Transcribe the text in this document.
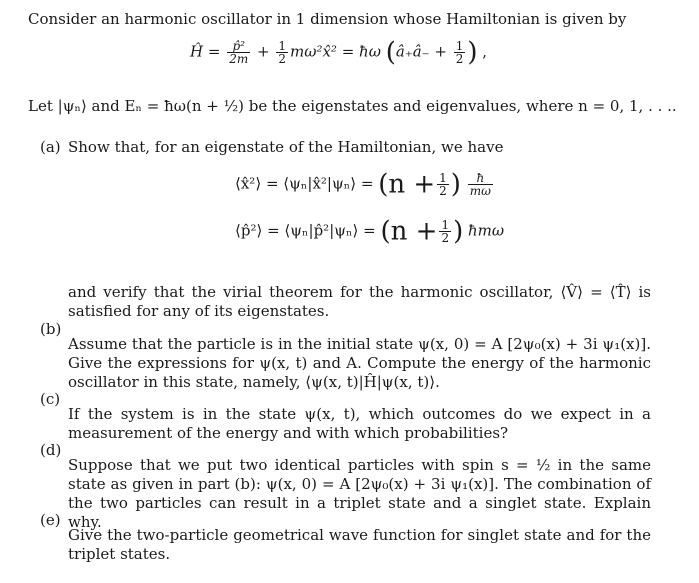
Consider an harmonic oscillator in 1 dimension whose Hamiltonian is given by

Ĥ = $\frac{\text{p̂²}}{2m} + \frac{1}{2}$ mω²x̂² = ħω (â₊â₋ + $\frac{1}{2}$ ) ,

Let |ψₙ⟩ and Eₙ = ħω(n + ½) be the eigenstates and eigenvalues, where n = 0, 1, . . ..

(a) Show that, for an eigenstate of the Hamiltonian, we have

⟨x̂²⟩ = ⟨ψₙ|x̂²|ψₙ⟩ = ($n + \frac{1}{2}$ ) $\frac{ħ}{m\omega}$
⟨p̂²⟩ = ⟨ψₙ|p̂²|ψₙ⟩ = ($n + \frac{1}{2}$ ) ħmω

and verify that the virial theorem for the harmonic oscillator, ⟨V̂⟩ = ⟨T̂⟩ is satisfied for any of its eigenstates.

(b)

Assume that the particle is in the initial state ψ(x, 0) = A [2ψ₀(x) + 3i ψ₁(x)]. Give the expressions for ψ(x, t) and A. Compute the energy of the harmonic oscillator in this state, namely, ⟨ψ(x, t)|Ĥ|ψ(x, t)⟩.

(c)

If the system is in the state ψ(x, t), which outcomes do we expect in a measurement of the energy and with which probabilities?

(d)

Suppose that we put two identical particles with spin s = ½ in the same state as given in part (b): ψ(x, 0) = A [2ψ₀(x) + 3i ψ₁(x)]. The combination of the two particles can result in a triplet state and a singlet state. Explain why.

(e)

Give the two-particle geometrical wave function for singlet state and for the triplet states.
